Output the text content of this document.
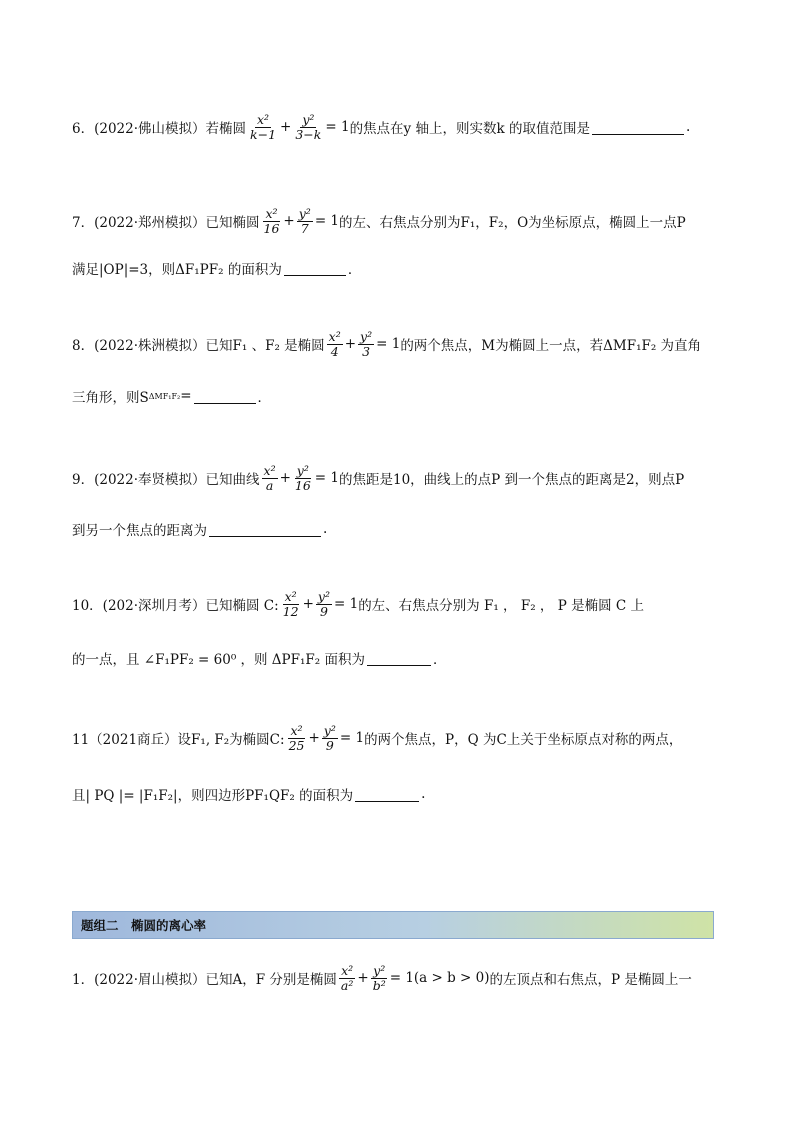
6．(2022·佛山模拟）若椭圆 $\frac{\text{x²}}{k-1} + \frac{\text{y²}}{3-k} = 1$ 的焦点在y 轴上，则实数k 的取值范围是	.
7．(2022·郑州模拟）已知椭圆 $\frac{\text{x²}}{16} + \frac{\text{y²}}{7} = 1$ 的左、右焦点分别为F₁，F₂，O为坐标原点，椭圆上一点P
满足|OP|=3，则ΔF₁PF₂ 的面积为	．
8．(2022·株洲模拟）已知F₁ 、F₂ 是椭圆 $\frac{\text{x²}}{4} + \frac{\text{y²}}{3} = 1$ 的两个焦点，M为椭圆上一点，若ΔMF₁F₂ 为直角
三角形，则S ΔMF₁F₂ =	．
9．(2022·奉贤模拟）已知曲线 $\frac{\text{x²}}{a} + \frac{\text{y²}}{16} = 1$ 的焦距是10，曲线上的点P 到一个焦点的距离是2，则点P
到另一个焦点的距离为	.
10．(202·深圳月考）已知椭圆 C: $\frac{\text{x²}}{12} + \frac{\text{y²}}{9} = 1$ 的左、右焦点分别为 F₁ ， F₂ ， P 是椭圆 C 上
的一点，且 ∠F₁PF₂ = 60⁰ ，则 ΔPF₁F₂ 面积为	．
11（2021商丘）设F₁, F₂为椭圆C: $\frac{\text{x²}}{25} + \frac{\text{y²}}{9} = 1$ 的两个焦点，P，Q 为C上关于坐标原点对称的两点，
且| PQ |= |F₁F₂|，则四边形PF₁QF₂ 的面积为	.
题组二　椭圆的离心率
1．(2022·眉山模拟）已知A，F 分别是椭圆 $\frac{\text{x²}}{\text{a²}} + \frac{\text{y²}}{\text{b²}} = 1(a > b > 0)$ 的左顶点和右焦点，P 是椭圆上一
